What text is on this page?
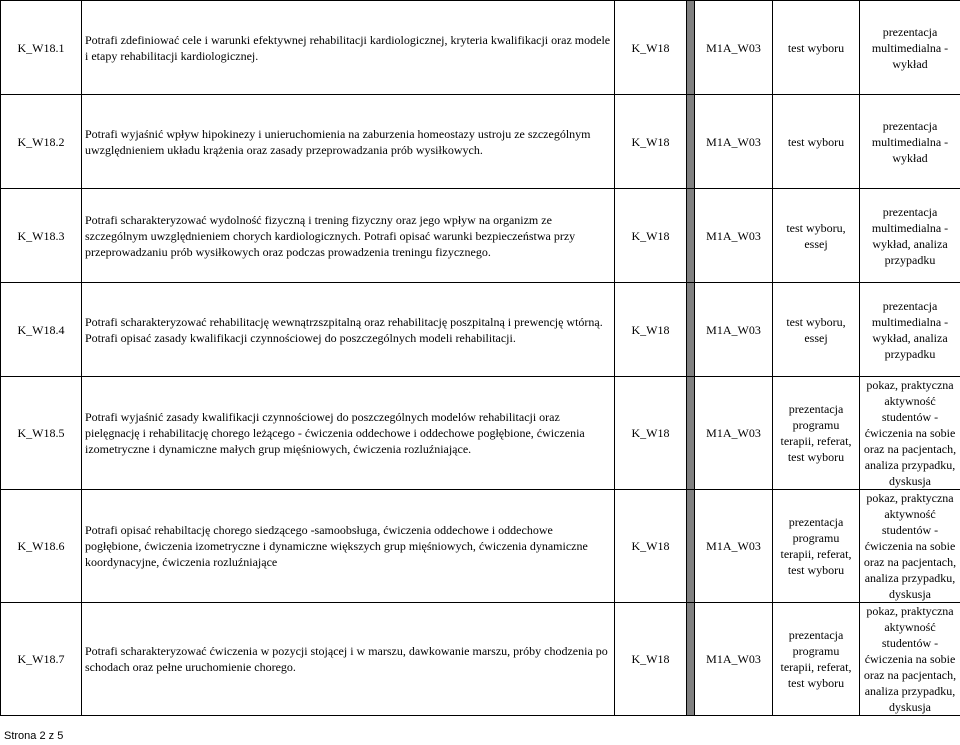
K_W18.1	Potrafi zdefiniować cele i warunki efektywnej rehabilitacji kardiologicznej, kryteria kwalifikacji oraz modele i etapy rehabilitacji kardiologicznej.	K_W18		M1A_W03	test wyboru	prezentacja multimedialna - wykład
K_W18.2	Potrafi wyjaśnić wpływ hipokinezy i unieruchomienia na zaburzenia homeostazy ustroju ze szczególnym uwzględnieniem układu krążenia oraz zasady przeprowadzania prób wysiłkowych.	K_W18		M1A_W03	test wyboru	prezentacja multimedialna - wykład
K_W18.3	Potrafi scharakteryzować wydolność fizyczną i trening fizyczny oraz jego wpływ na organizm ze szczególnym uwzględnieniem chorych kardiologicznych. Potrafi opisać warunki bezpieczeństwa przy przeprowadzaniu prób wysiłkowych oraz podczas prowadzenia treningu fizycznego.	K_W18		M1A_W03	test wyboru, essej	prezentacja multimedialna - wykład, analiza przypadku
K_W18.4	Potrafi scharakteryzować rehabilitację wewnątrzszpitalną oraz rehabilitację poszpitalną i prewencję wtórną. Potrafi opisać zasady kwalifikacji czynnościowej do poszczególnych modeli rehabilitacji.	K_W18		M1A_W03	test wyboru, essej	prezentacja multimedialna - wykład, analiza przypadku
K_W18.5	Potrafi wyjaśnić zasady kwalifikacji czynnościowej do poszczególnych modelów rehabilitacji oraz pielęgnację i rehabilitację chorego leżącego - ćwiczenia oddechowe i oddechowe pogłębione, ćwiczenia izometryczne i dynamiczne małych grup mięśniowych, ćwiczenia rozluźniające.	K_W18		M1A_W03	prezentacja programu terapii, referat, test wyboru	pokaz, praktyczna aktywność studentów - ćwiczenia na sobie oraz na pacjentach, analiza przypadku, dyskusja
K_W18.6	Potrafi opisać rehabiltację chorego siedzącego -samoobsługa, ćwiczenia oddechowe i oddechowe pogłębione, ćwiczenia izometryczne i dynamiczne większych grup mięśniowych, ćwiczenia dynamiczne koordynacyjne, ćwiczenia rozluźniające	K_W18		M1A_W03	prezentacja programu terapii, referat, test wyboru	pokaz, praktyczna aktywność studentów - ćwiczenia na sobie oraz na pacjentach, analiza przypadku, dyskusja
K_W18.7	Potrafi scharakteryzować ćwiczenia w pozycji stojącej i w marszu, dawkowanie marszu, próby chodzenia po schodach oraz pełne uruchomienie chorego.	K_W18		M1A_W03	prezentacja programu terapii, referat, test wyboru	pokaz, praktyczna aktywność studentów - ćwiczenia na sobie oraz na pacjentach, analiza przypadku, dyskusja
Strona 2 z 5
